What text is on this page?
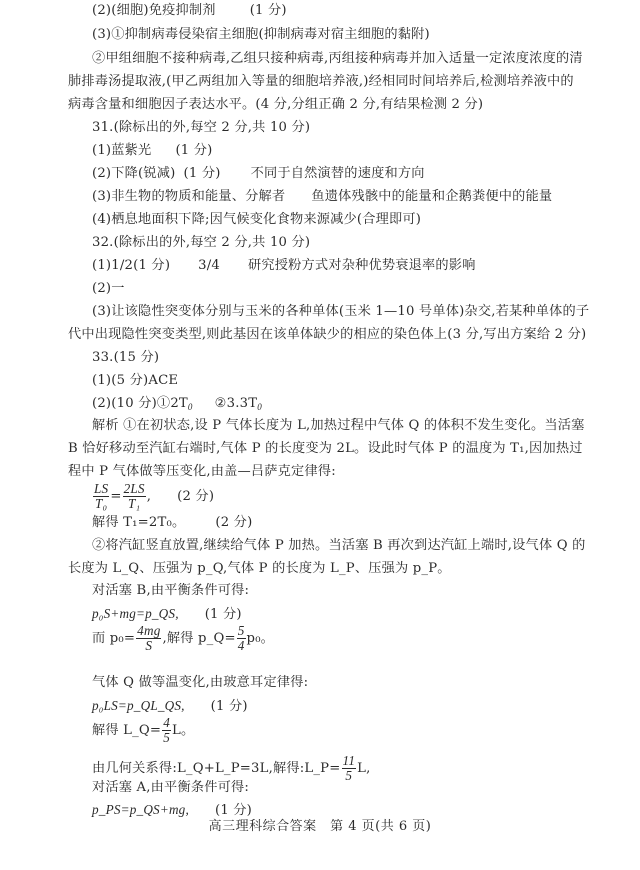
(2)(细胞)免疫抑制剂	(1 分)
(3)①抑制病毒侵染宿主细胞(抑制病毒对宿主细胞的黏附)
②甲组细胞不接种病毒,乙组只接种病毒,丙组接种病毒并加入适量一定浓度浓度的清
肺排毒汤提取液,(甲乙两组加入等量的细胞培养液,)经相同时间培养后,检测培养液中的
病毒含量和细胞因子表达水平。(4 分,分组正确 2 分,有结果检测 2 分)
31.(除标出的外,每空 2 分,共 10 分)
(1)蓝紫光 (1 分)
(2)下降(锐减) (1 分) 不同于自然演替的速度和方向
(3)非生物的物质和能量、分解者 鱼遗体残骸中的能量和企鹅粪便中的能量
(4)栖息地面积下降;因气候变化食物来源减少(合理即可)
32.(除标出的外,每空 2 分,共 10 分)
(1)1/2(1 分) 3/4 研究授粉方式对杂种优势衰退率的影响
(2)一
(3)让该隐性突变体分别与玉米的各种单体(玉米 1—10 号单体)杂交,若某种单体的子
代中出现隐性突变类型,则此基因在该单体缺少的相应的染色体上(3 分,写出方案给 2 分)
33.(15 分)
(1)(5 分)ACE
(2)(10 分)$①2T_0$ $②3.3T_0$
解析 ①在初状态,设 P 气体长度为 L,加热过程中气体 Q 的体积不发生变化。当活塞
B 恰好移动至汽缸右端时,气体 P 的长度变为 2L。设此时气体 P 的温度为 T₁,因加热过
程中 P 气体做等压变化,由盖—吕萨克定律得:
$\frac{LS}{\text{T₀}} = \frac{2LS}{\text{T₁}}$ , (2 分)
解得 T₁=2T₀。 (2 分)
②将汽缸竖直放置,继续给气体 P 加热。当活塞 B 再次到达汽缸上端时,设气体 Q 的
长度为 L_Q、压强为 p_Q,气体 P 的长度为 L_P、压强为 p_P。
对活塞 B,由平衡条件可得:
p₀S+mg=p_QS, (1 分)
而 $p_0= \frac{4mg}{S}$ ,解得 p_Q= $\frac{5}{4} p_0$。
气体 Q 做等温变化,由玻意耳定律得:
p₀LS=p_QL_QS, (1 分)
解得 L_Q= $\frac{4}{5}$ L。
由几何关系得:L_Q+L_P=3L,解得:L_P= $\frac{11}{5} L$,
对活塞 A,由平衡条件可得:
p_PS=p_QS+mg, (1 分)
高三理科综合答案　第 4 页(共 6 页)
